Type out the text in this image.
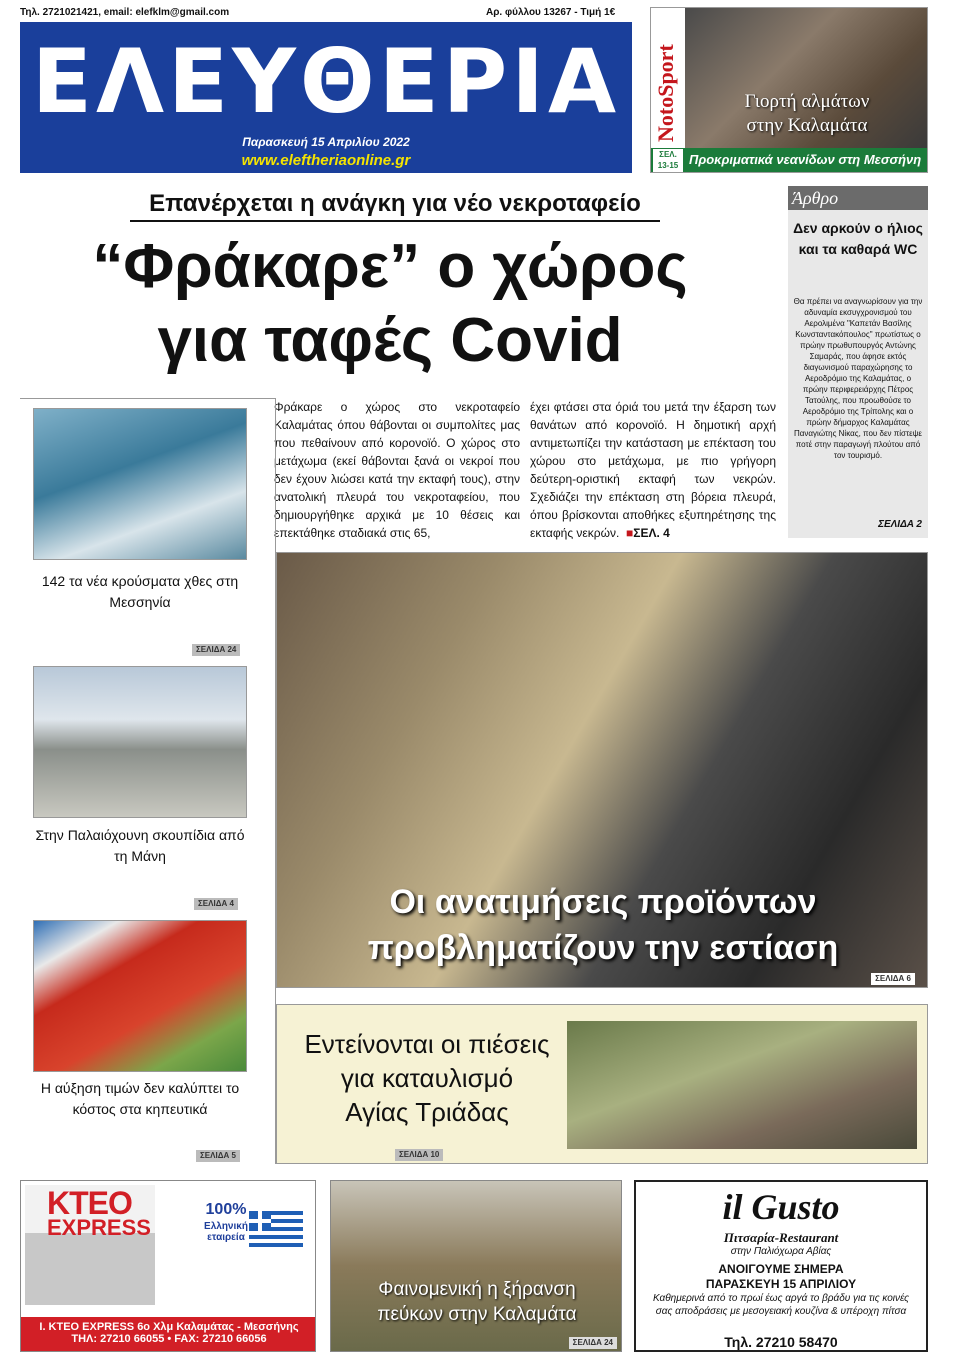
Τηλ. 2721021421, email: elefklm@gmail.com	Αρ. φύλλου 13267 - Τιμή 1€
ΕΛΕΥΘΕΡΙΑ
Παρασκευή 15 Απριλίου 2022
www.eleftheriaonline.gr
NotoSport	Γιορτή αλμάτων
στην Καλαμάτα
ΣΕΛ. 13-15 Προκριματικά νεανίδων στη Μεσσήνη
Επανέρχεται η ανάγκη για νέο νεκροταφείο
“Φράκαρε” ο χώρος
για ταφές Covid
Άρθρο
Δεν αρκούν ο ήλιος και τα καθαρά WC
Θα πρέπει να αναγνωρίσουν για την αδυναμία εκσυγχρονισμού του Αερολιμένα "Καπετάν Βασίλης Κωνσταντακόπουλος" πρωτίστως ο πρώην πρωθυπουργός Αντώνης Σαμαράς, που άφησε εκτός διαγωνισμού παραχώρησης το Αεροδρόμιο της Καλαμάτας, ο πρώην περιφερειάρχης Πέτρος Τατούλης, που προωθούσε το Αεροδρόμιο της Τρίπολης και ο πρώην δήμαρχος Καλαμάτας Παναγιώτης Νίκας, που δεν πίστεψε ποτέ στην παραγωγή πλούτου από τον τουρισμό.
ΣΕΛΙΔΑ 2
Φράκαρε ο χώρος στο νεκροταφείο Καλαμάτας όπου θάβονται οι συμπολίτες μας που πεθαίνουν από κορονοϊό. Ο χώρος στο μετάχωμα (εκεί θάβονται ξανά οι νεκροί που δεν έχουν λιώσει κατά την εκταφή τους), στην ανατολική πλευρά του νεκροταφείου, που δημιουργήθηκε αρχικά με 10 θέσεις και επεκτάθηκε σταδιακά στις 65,
έχει φτάσει στα όριά του μετά την έξαρση των θανάτων από κορονοϊό. Η δημοτική αρχή αντιμετωπίζει την κατάσταση με επέκταση του χώρου στο μετάχωμα, με πιο γρήγορη δεύτερη-οριστική εκταφή των νεκρών. Σχεδιάζει την επέκταση στη βόρεια πλευρά, όπου βρίσκονται αποθήκες εξυπηρέτησης της εκταφής νεκρών.  ■ΣΕΛ. 4
142 τα νέα κρούσματα χθες στη Μεσσηνία
ΣΕΛΙΔΑ 24
Στην Παλαιόχουνη σκουπίδια από τη Μάνη
ΣΕΛΙΔΑ 4
Η αύξηση τιμών δεν καλύπτει το κόστος στα κηπευτικά
ΣΕΛΙΔΑ 5
Οι ανατιμήσεις προϊόντων
προβληματίζουν την εστίαση
ΣΕΛΙΔΑ 6
Εντείνονται οι πιέσεις
για καταυλισμό
Αγίας Τριάδας
ΣΕΛΙΔΑ 10
ΚΤΕΟ
EXPRESS
100%
Ελληνική εταιρεία
I. ΚΤΕΟ EXPRESS 6ο Χλμ Καλαμάτας - Μεσσήνης
ΤΗΛ: 27210 66055 • FAX: 27210 66056
Φαινομενική η ξήρανση
πεύκων στην Καλαμάτα
ΣΕΛΙΔΑ 24
il Gusto
Πιτσαρία-Restaurant
στην Παλιόχωρα Αβίας
ΑΝΟΙΓΟΥΜΕ ΣΗΜΕΡΑ
ΠΑΡΑΣΚΕΥΗ 15 ΑΠΡΙΛΙΟΥ
Καθημερινά από το πρωί έως αργά το βράδυ για τις κοινές σας αποδράσεις με μεσογειακή κουζίνα & υπέροχη πίτσα
Τηλ. 27210 58470
